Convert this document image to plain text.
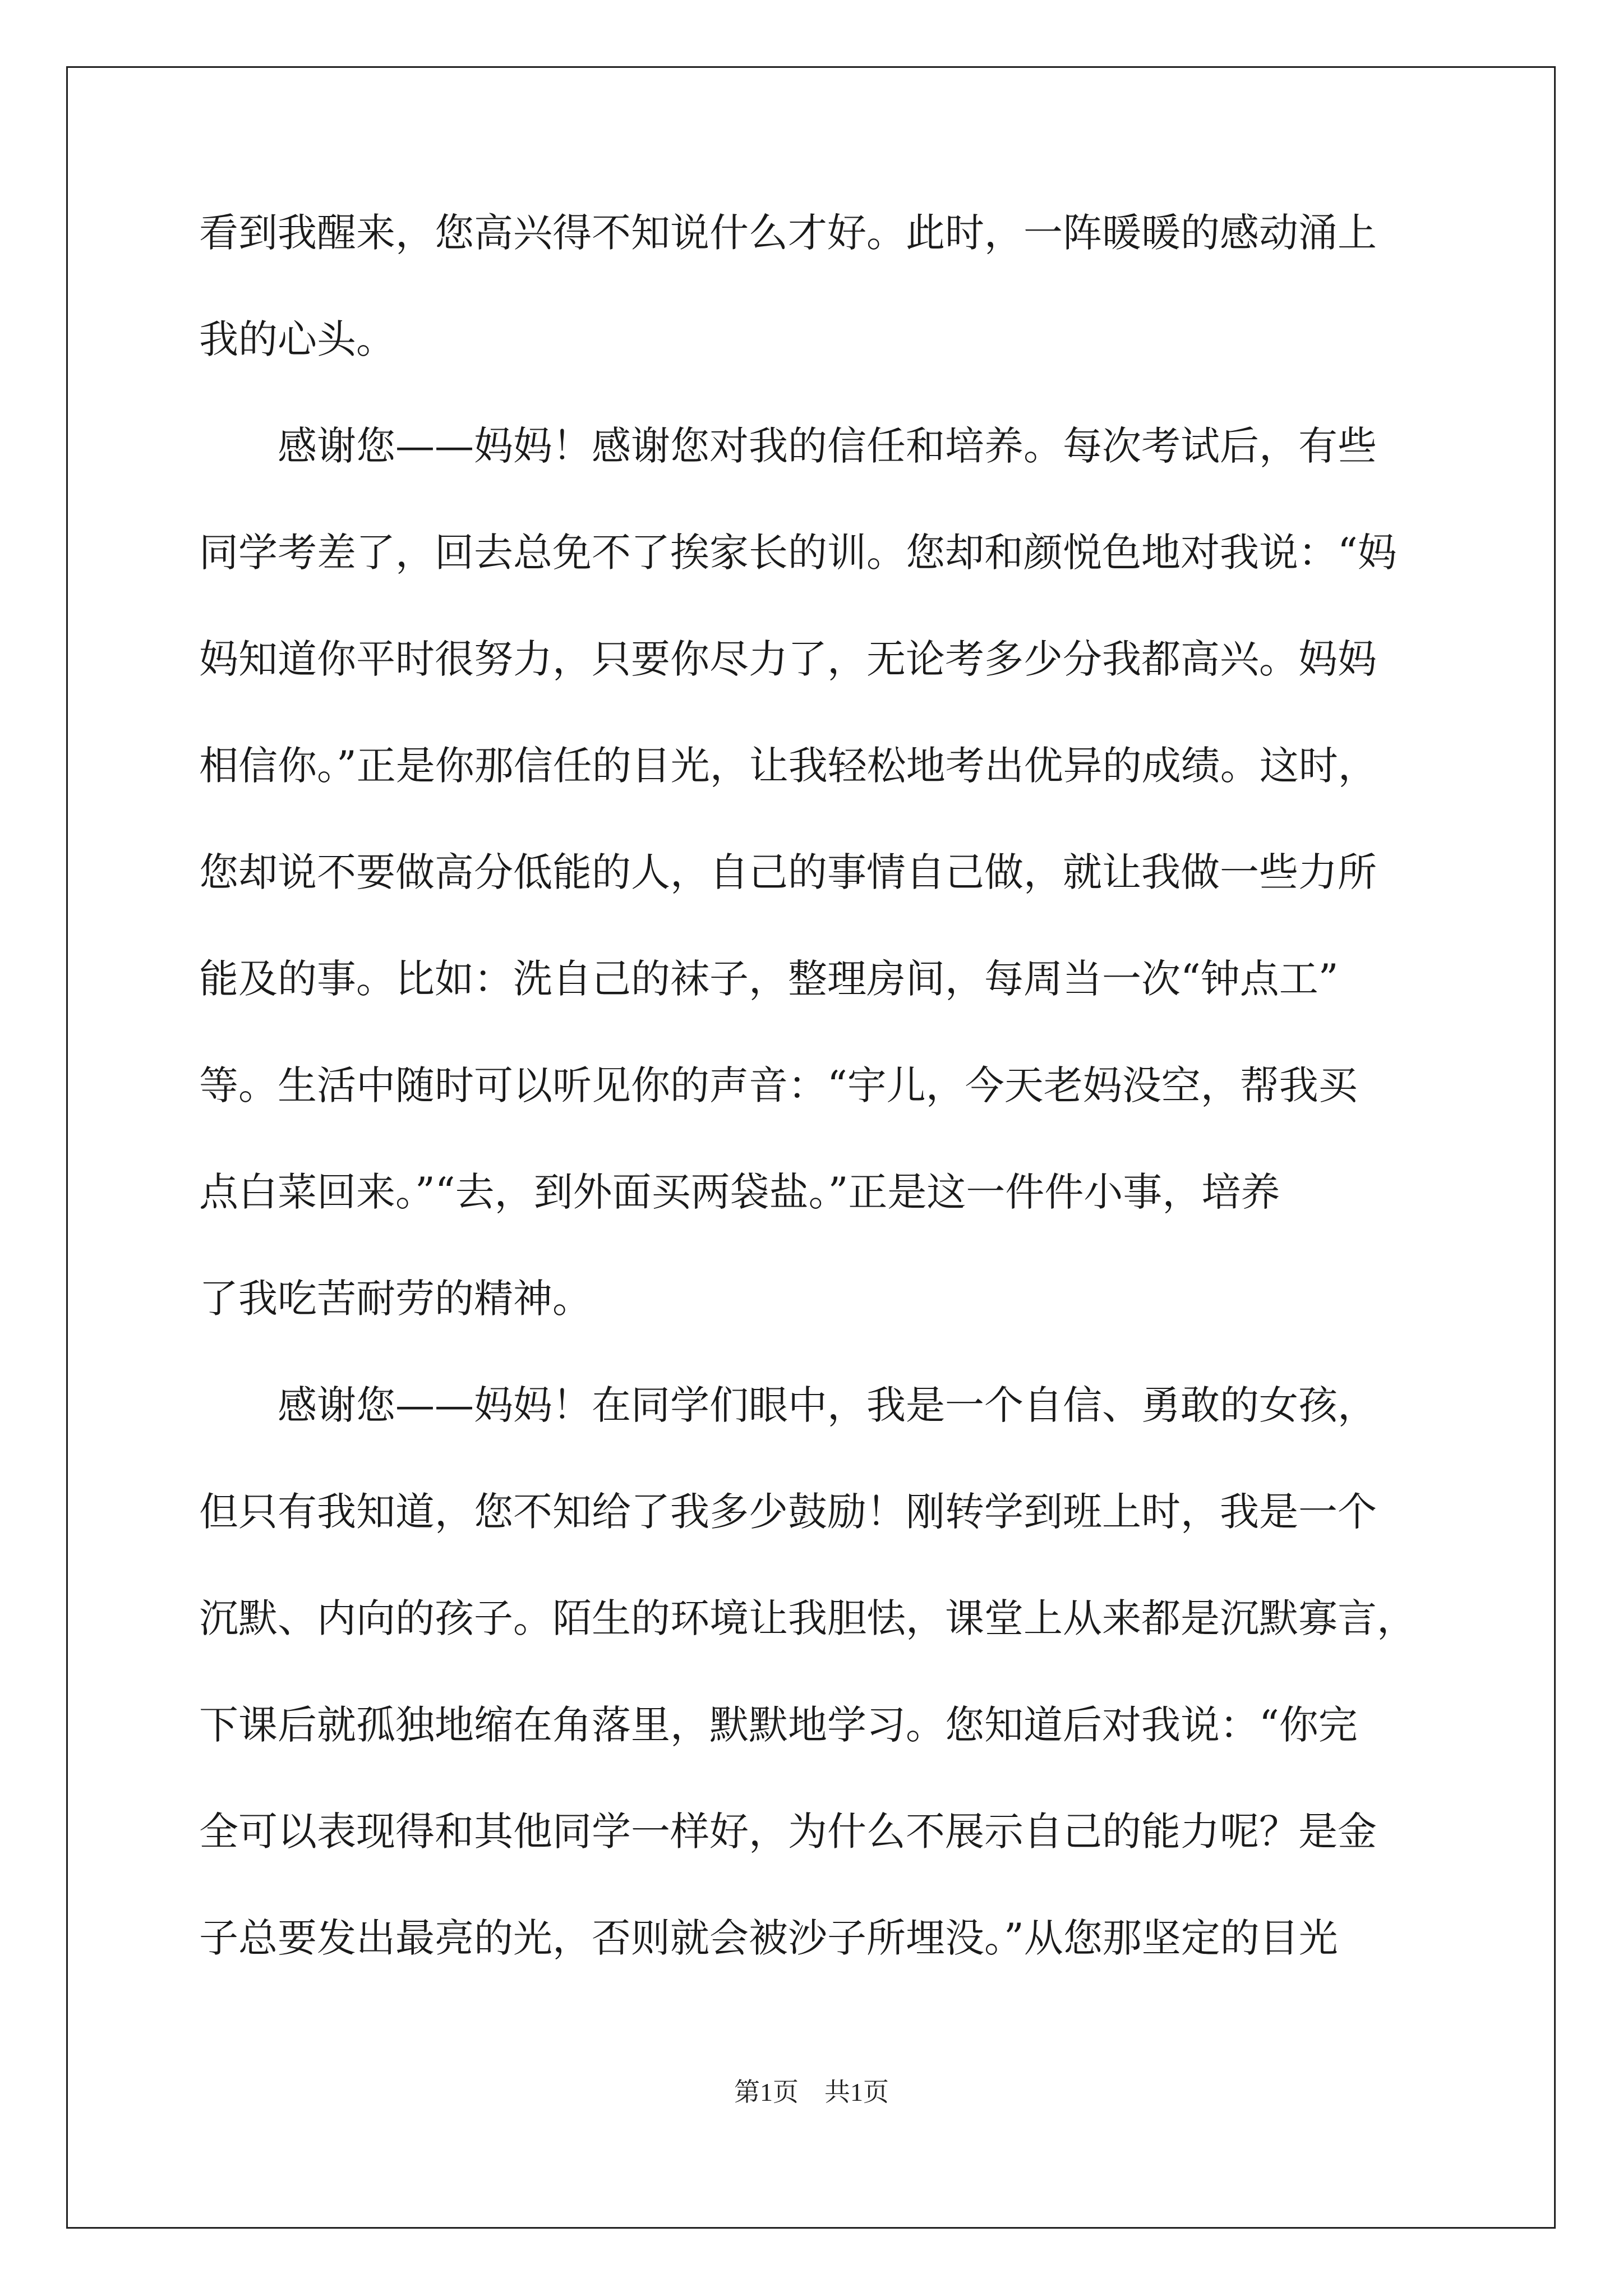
看到我醒来，您高兴得不知说什么才好。此时，一阵暖暖的感动涌上
我的心头。
　　感谢您——妈妈！感谢您对我的信任和培养。每次考试后，有些
同学考差了，回去总免不了挨家长的训。您却和颜悦色地对我说：“妈
妈知道你平时很努力，只要你尽力了，无论考多少分我都高兴。妈妈
相信你。”正是你那信任的目光，让我轻松地考出优异的成绩。这时，
您却说不要做高分低能的人，自己的事情自己做，就让我做一些力所
能及的事。比如：洗自己的袜子，整理房间，每周当一次“钟点工”
等。生活中随时可以听见你的声音：“宇儿，今天老妈没空，帮我买
点白菜回来。”“去，到外面买两袋盐。”正是这一件件小事，培养
了我吃苦耐劳的精神。
　　感谢您——妈妈！在同学们眼中，我是一个自信、勇敢的女孩，
但只有我知道，您不知给了我多少鼓励！刚转学到班上时，我是一个
沉默、内向的孩子。陌生的环境让我胆怯，课堂上从来都是沉默寡言，
下课后就孤独地缩在角落里，默默地学习。您知道后对我说：“你完
全可以表现得和其他同学一样好，为什么不展示自己的能力呢？是金
子总要发出最亮的光，否则就会被沙子所埋没。”从您那坚定的目光
第1页　共1页
